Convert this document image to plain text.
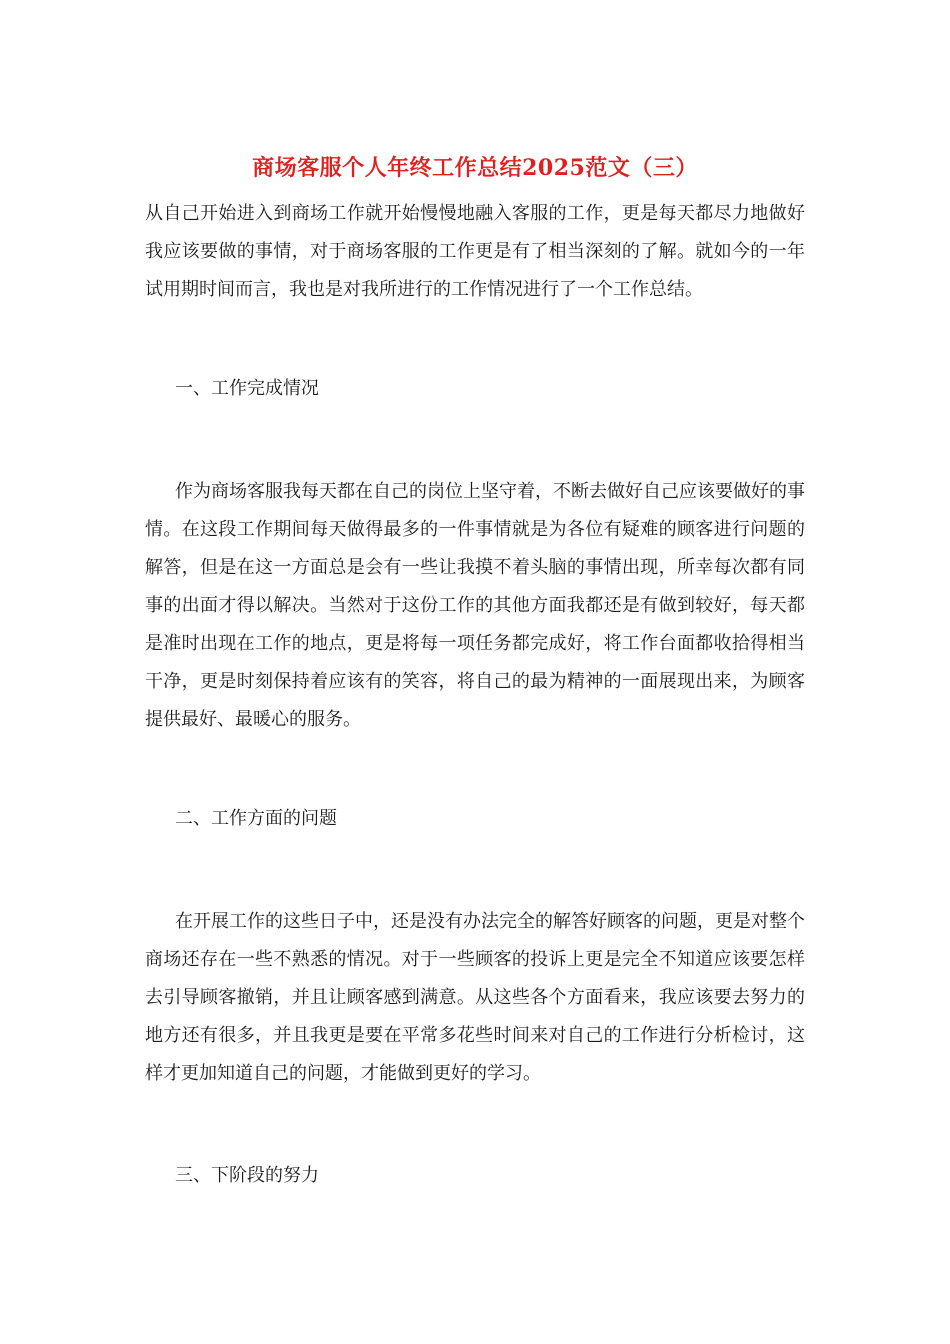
商场客服个人年终工作总结2025范文（三）

从自己开始进入到商场工作就开始慢慢地融入客服的工作，更是每天都尽力地做好我应该要做的事情，对于商场客服的工作更是有了相当深刻的了解。就如今的一年试用期时间而言，我也是对我所进行的工作情况进行了一个工作总结。

一、工作完成情况

作为商场客服我每天都在自己的岗位上坚守着，不断去做好自己应该要做好的事情。在这段工作期间每天做得最多的一件事情就是为各位有疑难的顾客进行问题的解答，但是在这一方面总是会有一些让我摸不着头脑的事情出现，所幸每次都有同事的出面才得以解决。当然对于这份工作的其他方面我都还是有做到较好，每天都是准时出现在工作的地点，更是将每一项任务都完成好，将工作台面都收拾得相当干净，更是时刻保持着应该有的笑容，将自己的最为精神的一面展现出来，为顾客提供最好、最暖心的服务。

二、工作方面的问题

在开展工作的这些日子中，还是没有办法完全的解答好顾客的问题，更是对整个商场还存在一些不熟悉的情况。对于一些顾客的投诉上更是完全不知道应该要怎样去引导顾客撤销，并且让顾客感到满意。从这些各个方面看来，我应该要去努力的地方还有很多，并且我更是要在平常多花些时间来对自己的工作进行分析检讨，这样才更加知道自己的问题，才能做到更好的学习。

三、下阶段的努力
